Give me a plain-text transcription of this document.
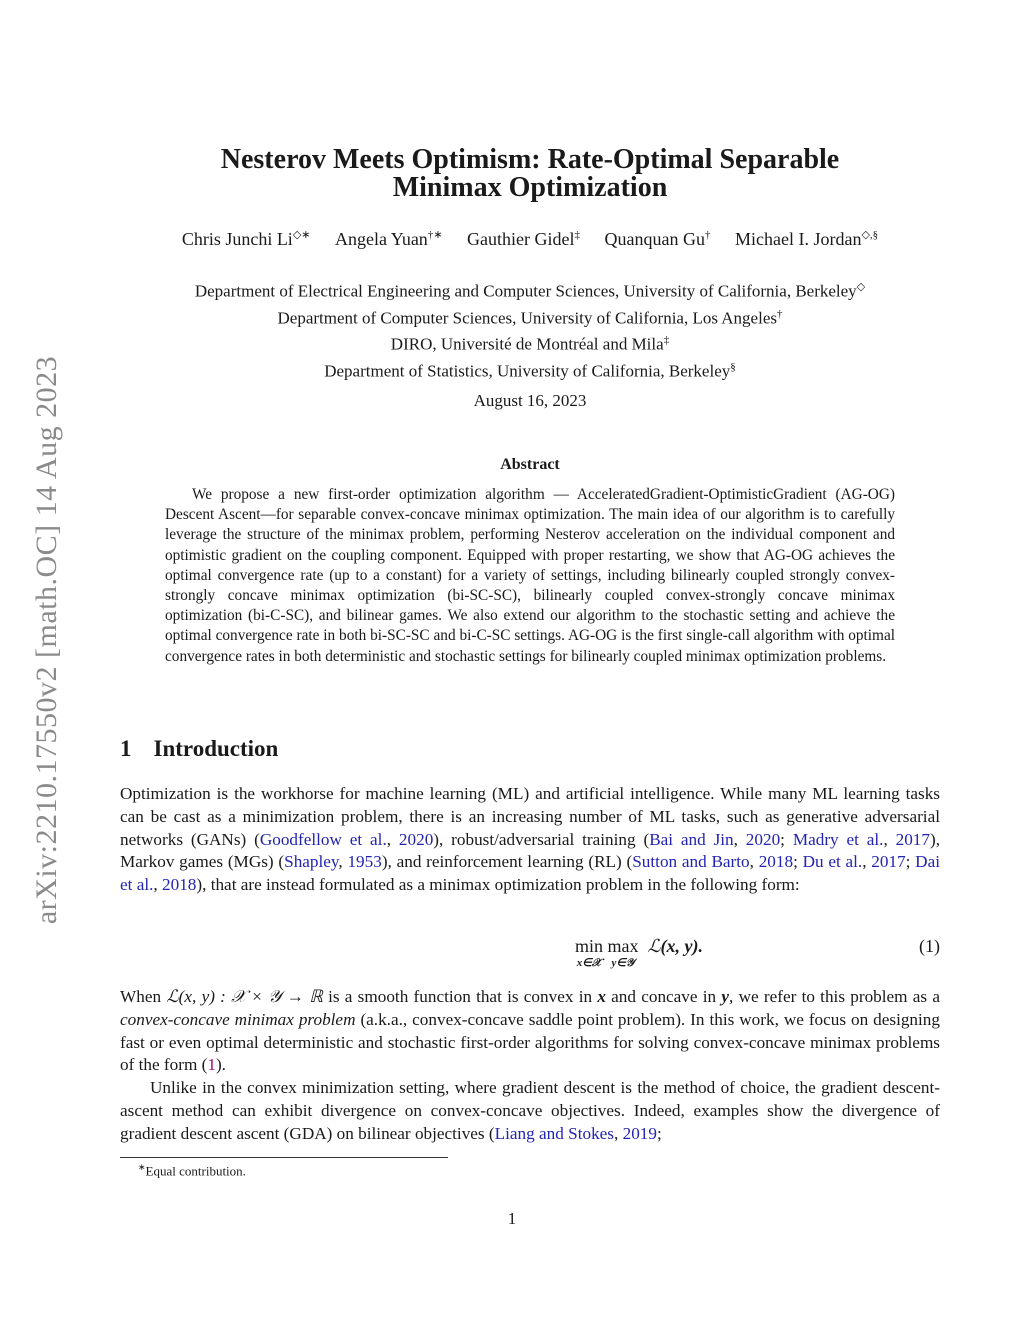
arXiv:2210.17550v2 [math.OC] 14 Aug 2023
Nesterov Meets Optimism: Rate-Optimal Separable
Minimax Optimization
Chris Junchi Li◇∗ Angela Yuan†∗ Gauthier Gidel‡ Quanquan Gu† Michael I. Jordan◇,§
Department of Electrical Engineering and Computer Sciences, University of California, Berkeley◇
Department of Computer Sciences, University of California, Los Angeles†
DIRO, Université de Montréal and Mila‡
Department of Statistics, University of California, Berkeley§
August 16, 2023
Abstract
We propose a new first-order optimization algorithm — AcceleratedGradient-OptimisticGradient (AG-OG) Descent Ascent—for separable convex-concave minimax optimization. The main idea of our algorithm is to carefully leverage the structure of the minimax problem, performing Nesterov acceleration on the individual component and optimistic gradient on the coupling component. Equipped with proper restarting, we show that AG-OG achieves the optimal convergence rate (up to a constant) for a variety of settings, including bilinearly coupled strongly convex-strongly concave minimax optimization (bi-SC-SC), bilinearly coupled convex-strongly concave minimax optimization (bi-C-SC), and bilinear games. We also extend our algorithm to the stochastic setting and achieve the optimal convergence rate in both bi-SC-SC and bi-C-SC settings. AG-OG is the first single-call algorithm with optimal convergence rates in both deterministic and stochastic settings for bilinearly coupled minimax optimization problems.
1 Introduction
Optimization is the workhorse for machine learning (ML) and artificial intelligence. While many ML learning tasks can be cast as a minimization problem, there is an increasing number of ML tasks, such as generative adversarial networks (GANs) (Goodfellow et al., 2020), robust/adversarial training (Bai and Jin, 2020; Madry et al., 2017), Markov games (MGs) (Shapley, 1953), and reinforcement learning (RL) (Sutton and Barto, 2018; Du et al., 2017; Dai et al., 2018), that are instead formulated as a minimax optimization problem in the following form:
min
x∈𝒳
max
y∈𝒴
ℒ(x, y).	(1)
When ℒ(x, y) : 𝒳 × 𝒴 → ℝ is a smooth function that is convex in x and concave in y, we refer to this problem as a convex-concave minimax problem (a.k.a., convex-concave saddle point problem). In this work, we focus on designing fast or even optimal deterministic and stochastic first-order algorithms for solving convex-concave minimax problems of the form (1).
Unlike in the convex minimization setting, where gradient descent is the method of choice, the gradient descent-ascent method can exhibit divergence on convex-concave objectives. Indeed, examples show the divergence of gradient descent ascent (GDA) on bilinear objectives (Liang and Stokes, 2019;
∗Equal contribution.
1
